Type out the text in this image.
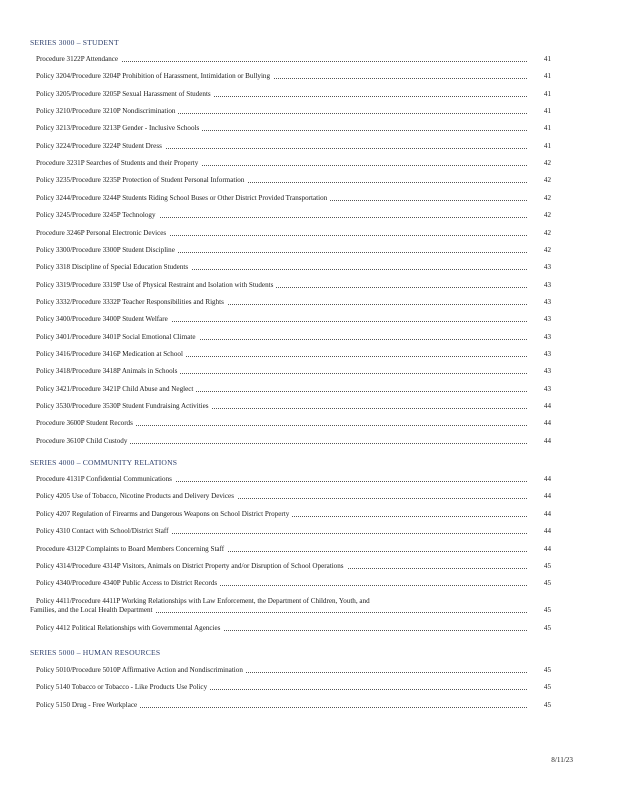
SERIES 3000 – STUDENT
Procedure 3122P Attendance	41
Policy 3204/Procedure 3204P Prohibition of Harassment, Intimidation or Bullying	41
Policy 3205/Procedure 3205P Sexual Harassment of Students	41
Policy 3210/Procedure 3210P Nondiscrimination	41
Policy 3213/Procedure 3213P Gender - Inclusive Schools	41
Policy 3224/Procedure 3224P Student Dress	41
Procedure 3231P Searches of Students and their Property	42
Policy 3235/Procedure 3235P Protection of Student Personal Information	42
Policy 3244/Procedure 3244P Students Riding School Buses or Other District Provided Transportation	42
Policy 3245/Procedure 3245P Technology	42
Procedure 3246P Personal Electronic Devices	42
Policy 3300/Procedure 3300P Student Discipline	42
Policy 3318 Discipline of Special Education Students	43
Policy 3319/Procedure 3319P Use of Physical Restraint and Isolation with Students	43
Policy 3332/Procedure 3332P Teacher Responsibilities and Rights	43
Policy 3400/Procedure 3400P Student Welfare	43
Policy 3401/Procedure 3401P Social Emotional Climate	43
Policy 3416/Procedure 3416P Medication at School	43
Policy 3418/Procedure 3418P Animals in Schools	43
Policy 3421/Procedure 3421P Child Abuse and Neglect	43
Policy 3530/Procedure 3530P Student Fundraising Activities	44
Procedure 3600P Student Records	44
Procedure 3610P Child Custody	44
SERIES 4000 – COMMUNITY RELATIONS
Procedure 4131P Confidential Communications	44
Policy 4205 Use of Tobacco, Nicotine Products and Delivery Devices	44
Policy 4207 Regulation of Firearms and Dangerous Weapons on School District Property	44
Policy 4310 Contact with School/District Staff	44
Procedure 4312P Complaints to Board Members Concerning Staff	44
Policy 4314/Procedure 4314P Visitors, Animals on District Property and/or Disruption of School Operations	45
Policy 4340/Procedure 4340P Public Access to District Records	45
Policy 4411/Procedure 4411P Working Relationships with Law Enforcement, the Department of Children, Youth, and
Families, and the Local Health Department	45
Policy 4412 Political Relationships with Governmental Agencies	45
SERIES 5000 – HUMAN RESOURCES
Policy 5010/Procedure 5010P Affirmative Action and Nondiscrimination	45
Policy 5140 Tobacco or Tobacco - Like Products Use Policy	45
Policy 5150 Drug - Free Workplace	45
8/11/23
